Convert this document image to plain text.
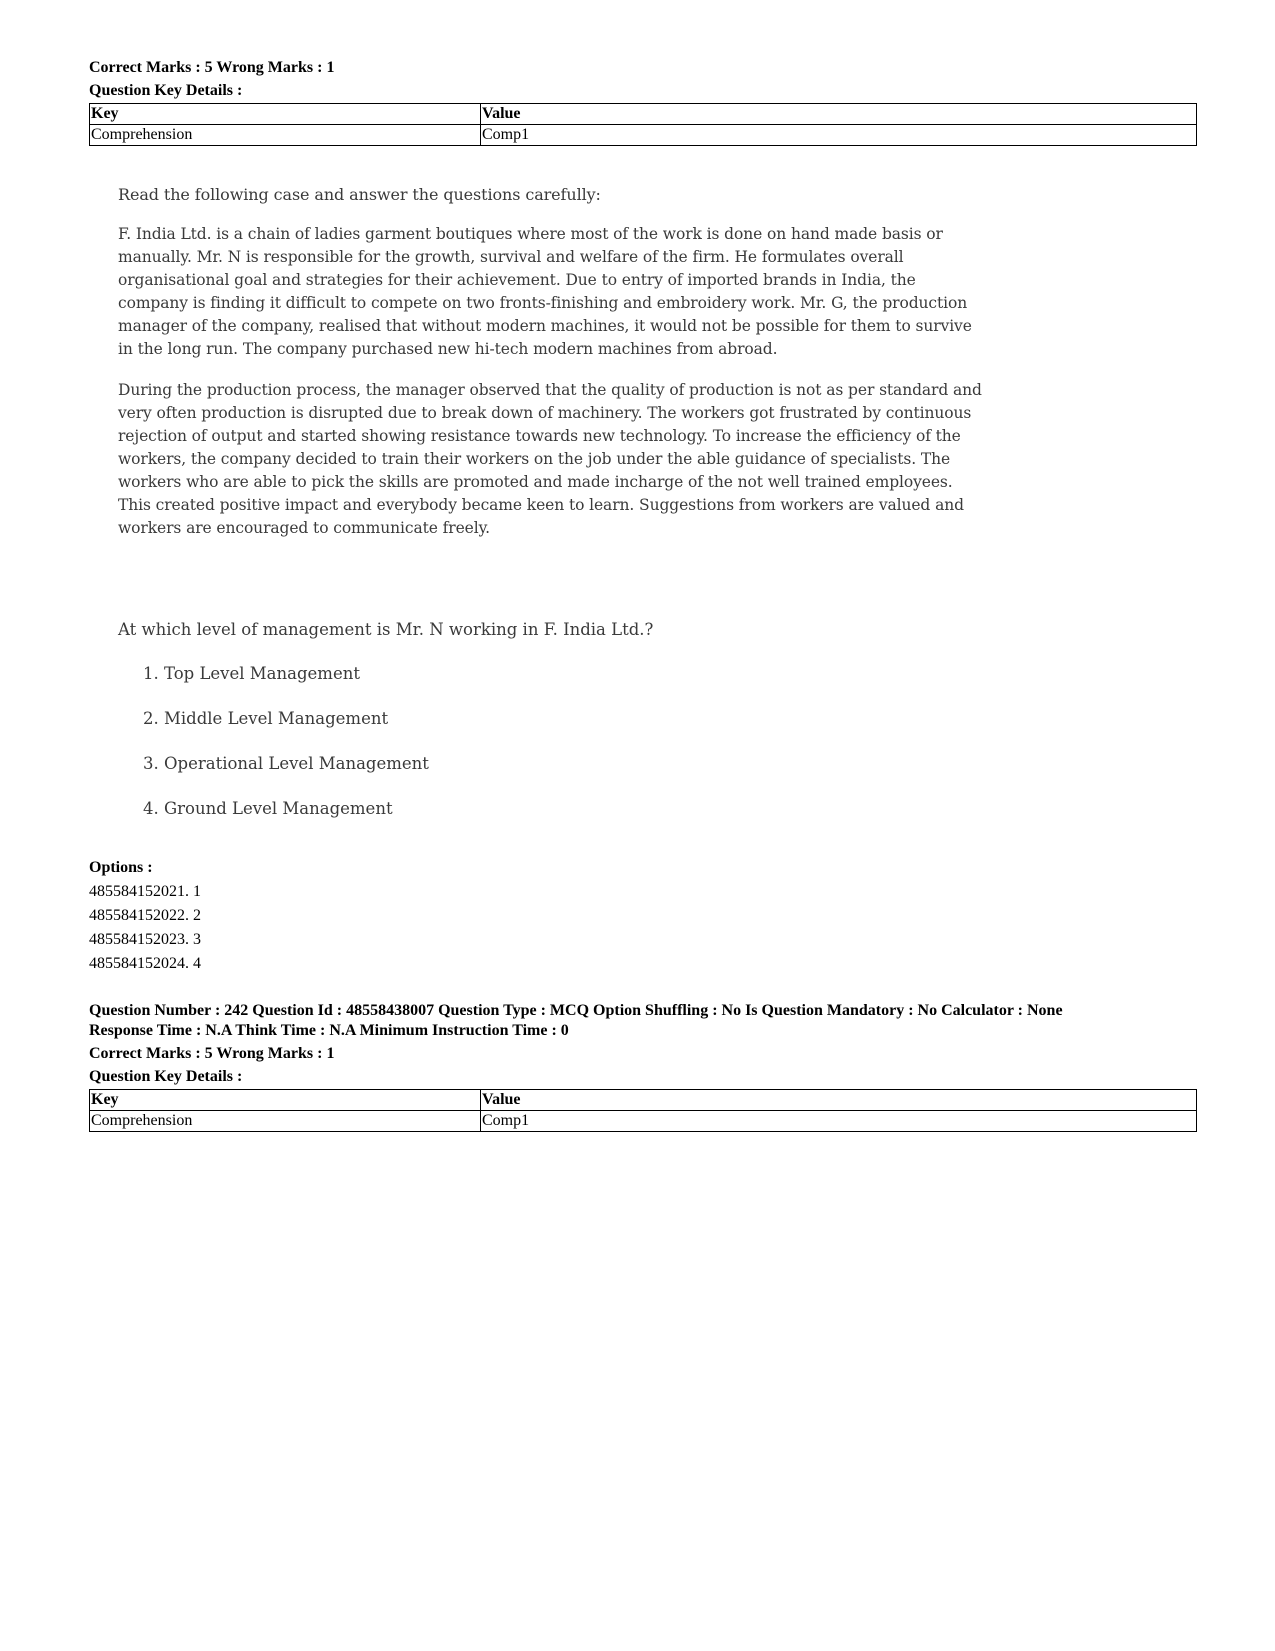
Correct Marks : 5 Wrong Marks : 1

Question Key Details :

Key	Value
Comprehension	Comp1

Read the following case and answer the questions carefully:

F. India Ltd. is a chain of ladies garment boutiques where most of the work is done on hand made basis or

manually. Mr. N is responsible for the growth, survival and welfare of the firm. He formulates overall

organisational goal and strategies for their achievement. Due to entry of imported brands in India, the

company is finding it difficult to compete on two fronts-finishing and embroidery work. Mr. G, the production

manager of the company, realised that without modern machines, it would not be possible for them to survive

in the long run. The company purchased new hi-tech modern machines from abroad.

During the production process, the manager observed that the quality of production is not as per standard and

very often production is disrupted due to break down of machinery. The workers got frustrated by continuous

rejection of output and started showing resistance towards new technology. To increase the efficiency of the

workers, the company decided to train their workers on the job under the able guidance of specialists. The

workers who are able to pick the skills are promoted and made incharge of the not well trained employees.

This created positive impact and everybody became keen to learn. Suggestions from workers are valued and

workers are encouraged to communicate freely.

At which level of management is Mr. N working in F. India Ltd.?
1. Top Level Management
2. Middle Level Management
3. Operational Level Management
4. Ground Level Management

Options :

485584152021. 1
485584152022. 2
485584152023. 3
485584152024. 4

Question Number : 242 Question Id : 48558438007 Question Type : MCQ Option Shuffling : No Is Question Mandatory : No Calculator : None

Response Time : N.A Think Time : N.A Minimum Instruction Time : 0

Correct Marks : 5 Wrong Marks : 1

Question Key Details :

Key	Value
Comprehension	Comp1
